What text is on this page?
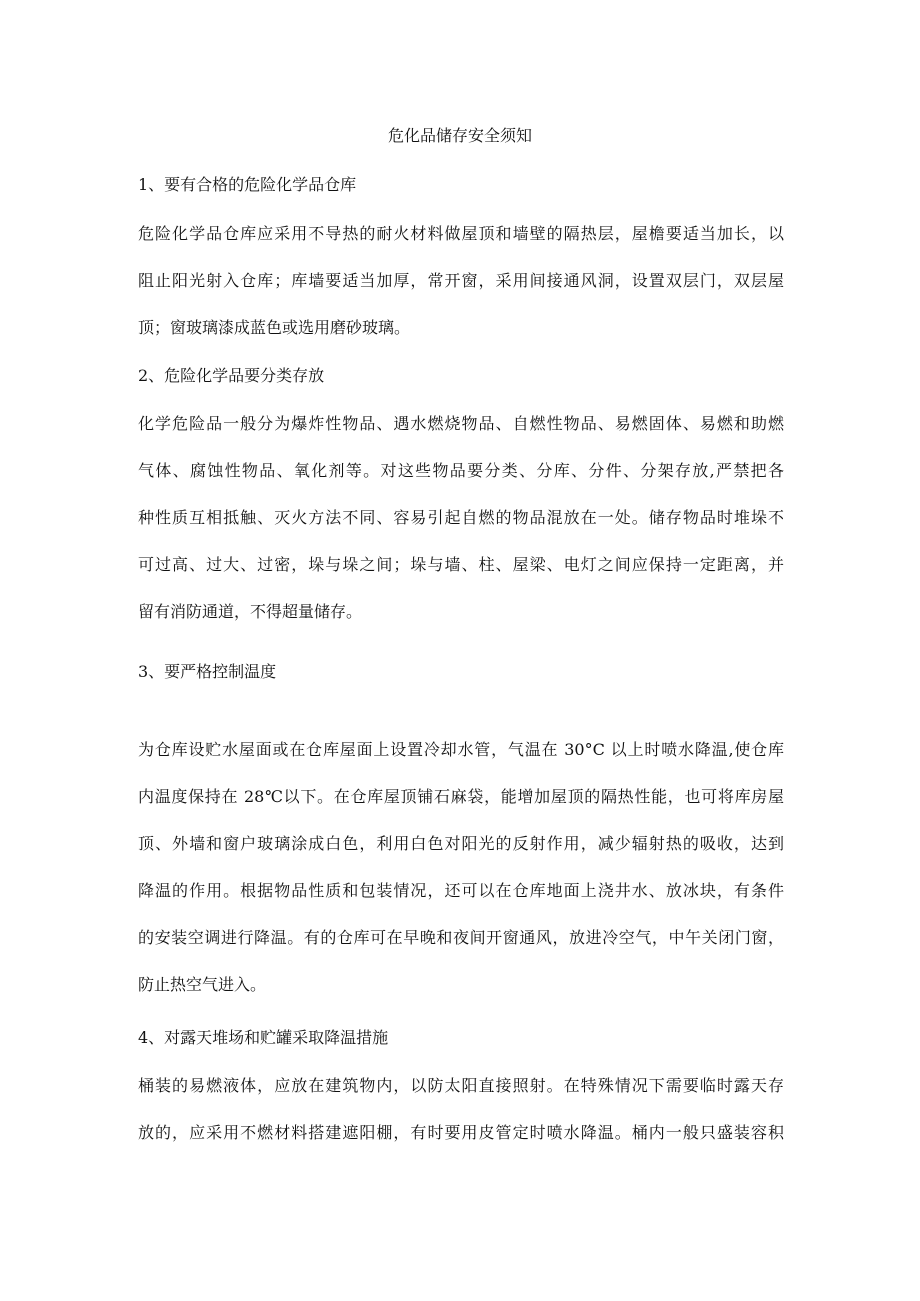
危化品储存安全须知
1、要有合格的危险化学品仓库
危险化学品仓库应采用不导热的耐火材料做屋顶和墙壁的隔热层，屋檐要适当加长，以
阻止阳光射入仓库；库墙要适当加厚，常开窗，采用间接通风洞，设置双层门，双层屋
顶；窗玻璃漆成蓝色或选用磨砂玻璃。
2、危险化学品要分类存放
化学危险品一般分为爆炸性物品、遇水燃烧物品、自燃性物品、易燃固体、易燃和助燃
气体、腐蚀性物品、氧化剂等。对这些物品要分类、分库、分件、分架存放,严禁把各
种性质互相抵触、灭火方法不同、容易引起自燃的物品混放在一处。储存物品时堆垛不
可过高、过大、过密，垛与垛之间；垛与墙、柱、屋梁、电灯之间应保持一定距离，并
留有消防通道，不得超量储存。
3、要严格控制温度
为仓库设贮水屋面或在仓库屋面上设置冷却水管，气温在 30°C 以上时喷水降温,使仓库
内温度保持在 28℃以下。在仓库屋顶铺石麻袋，能增加屋顶的隔热性能，也可将库房屋
顶、外墙和窗户玻璃涂成白色，利用白色对阳光的反射作用，减少辐射热的吸收，达到
降温的作用。根据物品性质和包装情况，还可以在仓库地面上浇井水、放冰块，有条件
的安装空调进行降温。有的仓库可在早晚和夜间开窗通风，放进冷空气，中午关闭门窗，
防止热空气进入。
4、对露天堆场和贮罐采取降温措施
桶装的易燃液体，应放在建筑物内，以防太阳直接照射。在特殊情况下需要临时露天存
放的，应采用不燃材料搭建遮阳棚，有时要用皮管定时喷水降温。桶内一般只盛装容积
